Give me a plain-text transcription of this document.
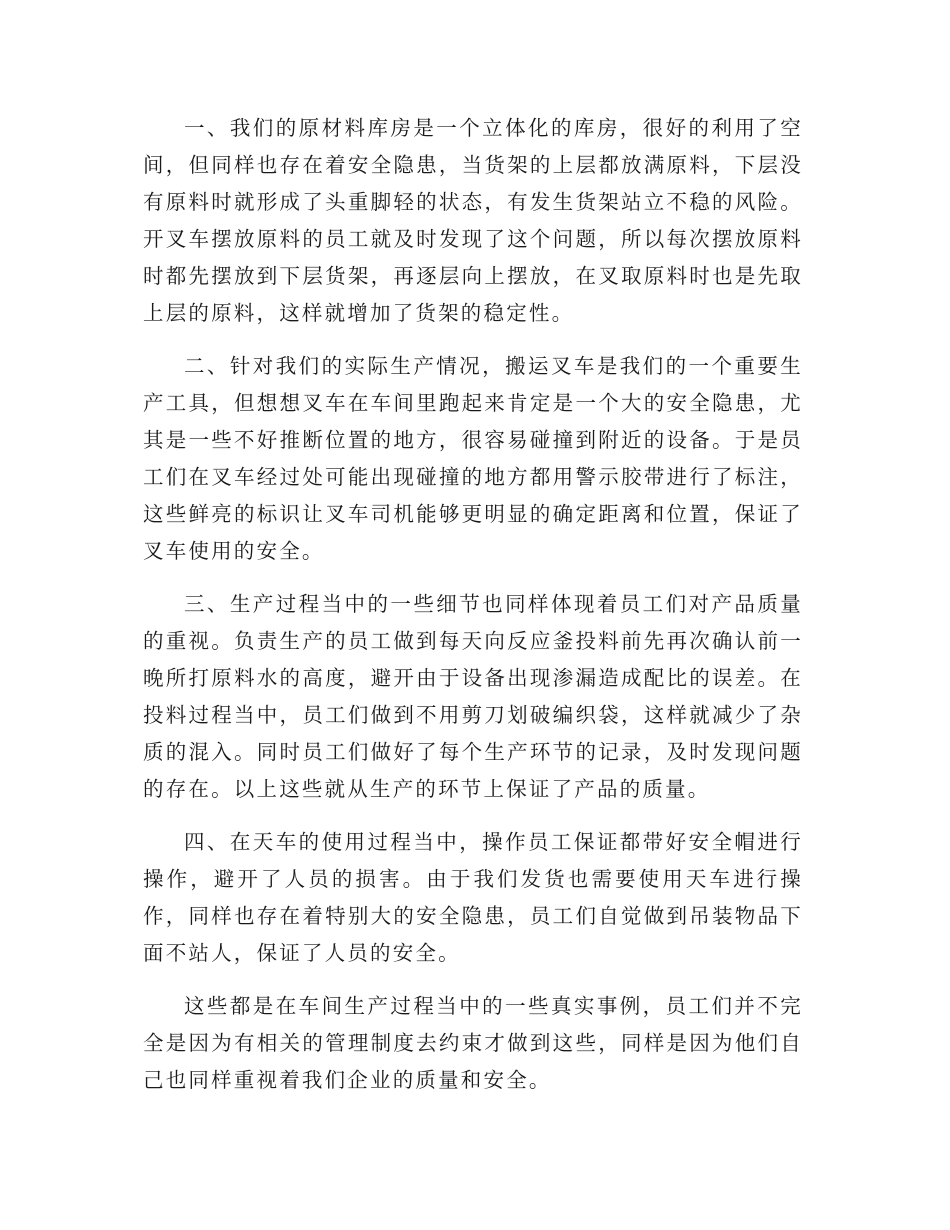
一、我们的原材料库房是一个立体化的库房，很好的利用了空间，但同样也存在着安全隐患，当货架的上层都放满原料，下层没有原料时就形成了头重脚轻的状态，有发生货架站立不稳的风险。开叉车摆放原料的员工就及时发现了这个问题，所以每次摆放原料时都先摆放到下层货架，再逐层向上摆放，在叉取原料时也是先取上层的原料，这样就增加了货架的稳定性。

二、针对我们的实际生产情况，搬运叉车是我们的一个重要生产工具，但想想叉车在车间里跑起来肯定是一个大的安全隐患，尤其是一些不好推断位置的地方，很容易碰撞到附近的设备。于是员工们在叉车经过处可能出现碰撞的地方都用警示胶带进行了标注，这些鲜亮的标识让叉车司机能够更明显的确定距离和位置，保证了叉车使用的安全。

三、生产过程当中的一些细节也同样体现着员工们对产品质量的重视。负责生产的员工做到每天向反应釜投料前先再次确认前一晚所打原料水的高度，避开由于设备出现渗漏造成配比的误差。在投料过程当中，员工们做到不用剪刀划破编织袋，这样就减少了杂质的混入。同时员工们做好了每个生产环节的记录，及时发现问题的存在。以上这些就从生产的环节上保证了产品的质量。

四、在天车的使用过程当中，操作员工保证都带好安全帽进行操作，避开了人员的损害。由于我们发货也需要使用天车进行操作，同样也存在着特别大的安全隐患，员工们自觉做到吊装物品下面不站人，保证了人员的安全。

这些都是在车间生产过程当中的一些真实事例，员工们并不完全是因为有相关的管理制度去约束才做到这些，同样是因为他们自己也同样重视着我们企业的质量和安全。
